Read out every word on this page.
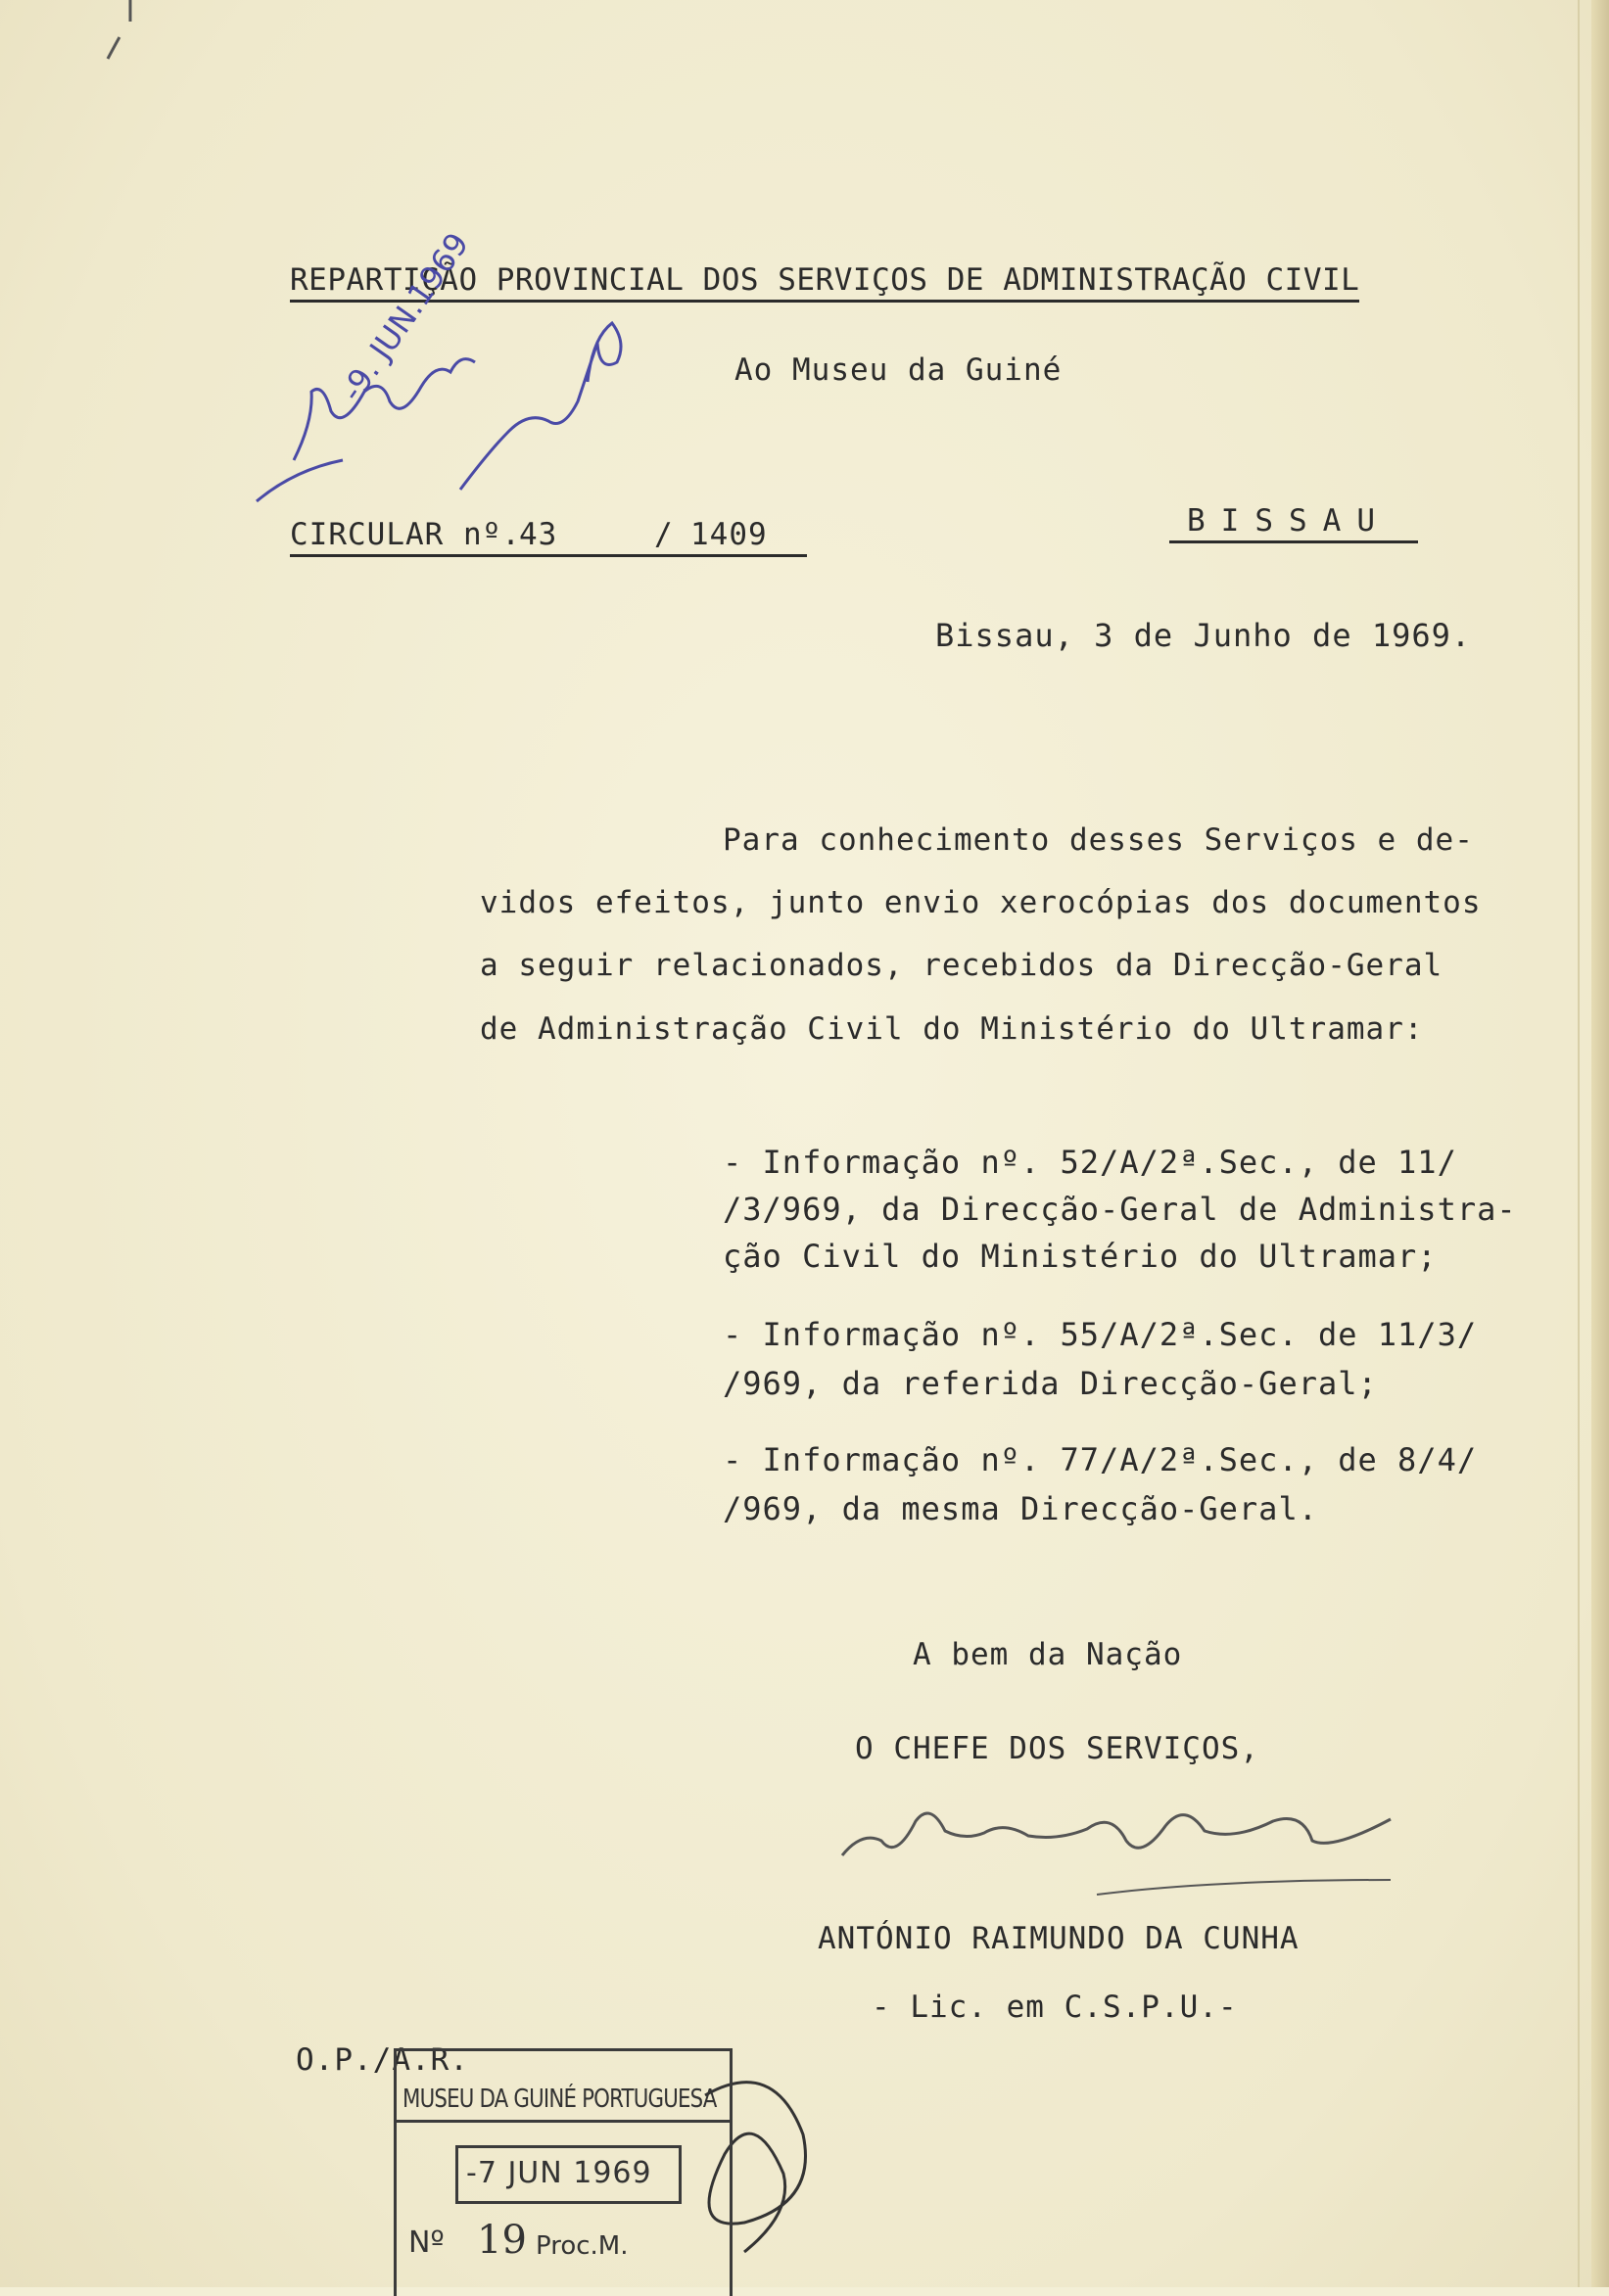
REPARTIÇÃO PROVINCIAL DOS SERVIÇOS DE ADMINISTRAÇÃO CIVIL
Ao Museu da Guiné
CIRCULAR nº.
43	/ 1409	BISSAU
Bissau, 3 de Junho de 1969.
Para conhecimento desses Serviços e de-
vidos efeitos, junto envio xerocópias dos documentos
a seguir relacionados, recebidos da Direcção-Geral
de Administração Civil do Ministério do Ultramar:
- Informação nº. 52/A/2ª.Sec., de 11/
/3/969, da Direcção-Geral de Administra-
ção Civil do Ministério do Ultramar;
- Informação nº. 55/A/2ª.Sec. de 11/3/
/969, da referida Direcção-Geral;
- Informação nº. 77/A/2ª.Sec., de 8/4/
/969, da mesma Direcção-Geral.
A bem da Nação
O CHEFE DOS SERVIÇOS,
ANTÓNIO RAIMUNDO DA CUNHA
- Lic. em C.S.P.U.-
O.P./A.R.
-9. JUN.1969
MUSEU DA GUINÉ PORTUGUESA
-7 JUN 1969
Nº 19 Proc.M.
